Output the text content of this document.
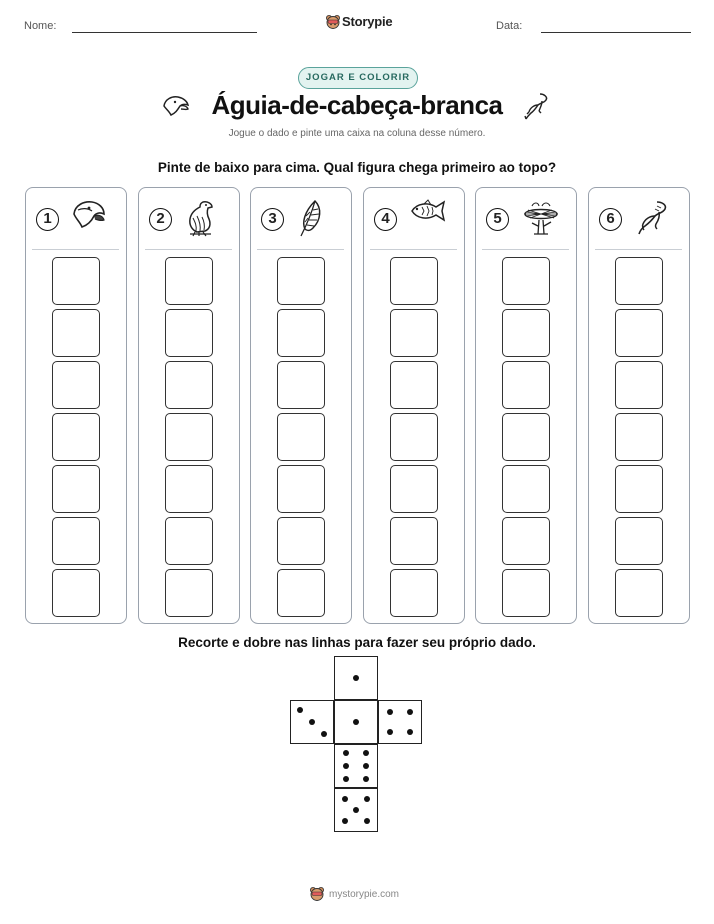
Nome:	Storypie	Data:
JOGAR E COLORIR
Águia-de-cabeça-branca
Jogue o dado e pinte uma caixa na coluna desse número.
Pinte de baixo para cima. Qual figura chega primeiro ao topo?
1	2	3	4	5	6
Recorte e dobre nas linhas para fazer seu próprio dado.
mystorypie.com
